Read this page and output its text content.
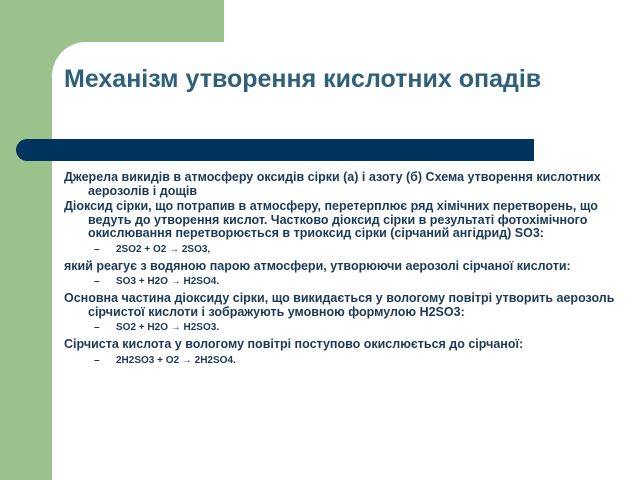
Механізм утворення кислотних опадів

Джерела викидів в атмосферу оксидів сірки (а) і азоту (б) Схема утворення кислотних аерозолів і дощів

Діоксид сірки, що потрапив в атмосферу, перетерплює ряд хімічних перетворень, що ведуть до утворення кислот. Частково діоксид сірки в результаті фотохімічного окислювання перетворюється в триоксид сірки (сірчаний ангідрид) SO3:

– 2SO2 + O2 → 2SO3,

який реагує з водяною парою атмосфери, утворюючи аерозолі сірчаної кислоти:

– SO3 + H2O → H2SO4.

Основна частина діоксиду сірки, що викидається у вологому повітрі утворить аерозоль сірчистої кислоти і зображують умовною формулою H2SO3:

– SO2 + H2O → H2SO3.

Сірчиста кислота у вологому повітрі поступово окислюється до сірчаної:

– 2H2SO3 + O2 → 2H2SO4.
